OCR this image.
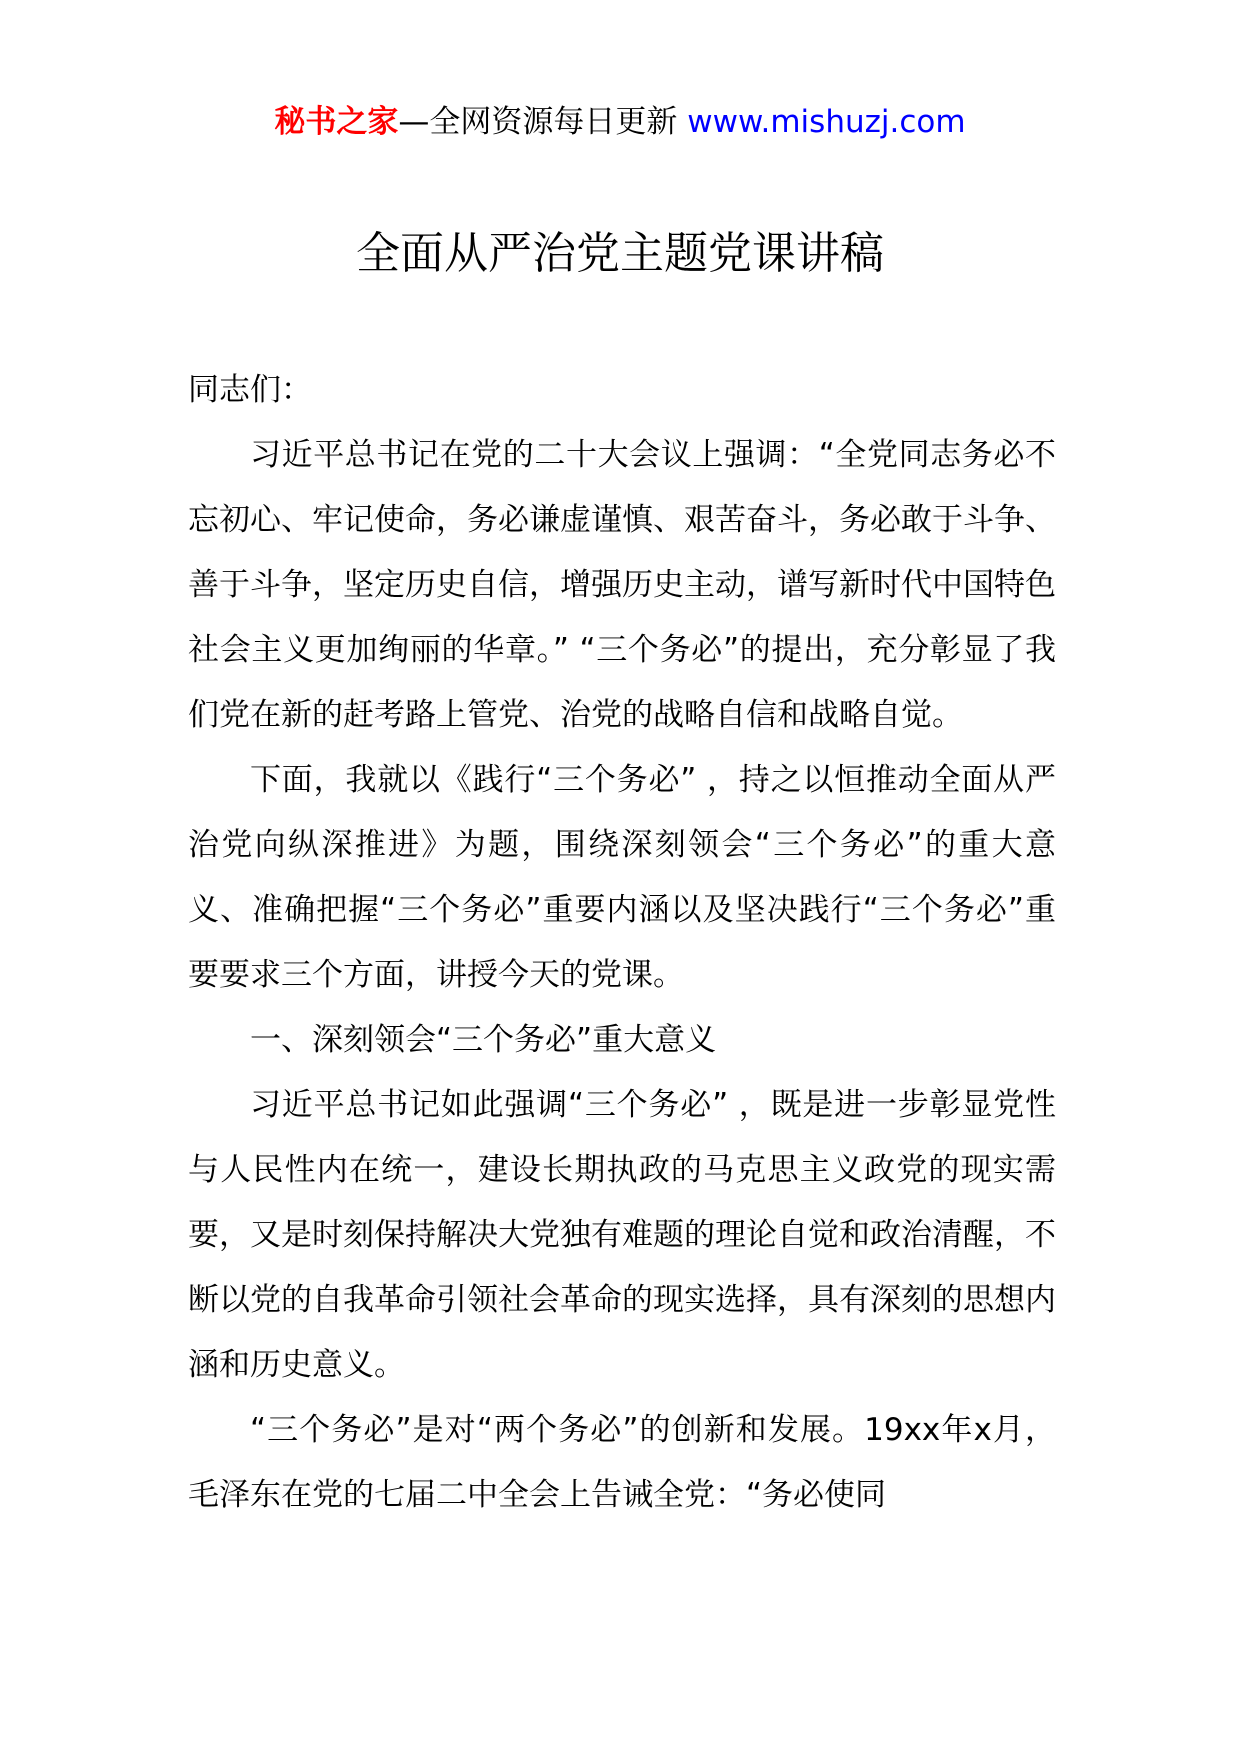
秘书之家—全网资源每日更新 www.mishuzj.com
全面从严治党主题党课讲稿

同志们：

习近平总书记在党的二十大会议上强调：“全党同志务必不忘初心、牢记使命，务必谦虚谨慎、艰苦奋斗，务必敢于斗争、善于斗争，坚定历史自信，增强历史主动，谱写新时代中国特色社会主义更加绚丽的华章。” “三个务必”的提出，充分彰显了我们党在新的赶考路上管党、治党的战略自信和战略自觉。

下面，我就以《践行“三个务必” ，持之以恒推动全面从严治党向纵深推进》为题，围绕深刻领会“三个务必”的重大意义、准确把握“三个务必”重要内涵以及坚决践行“三个务必”重要要求三个方面，讲授今天的党课。

一、深刻领会“三个务必”重大意义

习近平总书记如此强调“三个务必” ，既是进一步彰显党性与人民性内在统一，建设长期执政的马克思主义政党的现实需要，又是时刻保持解决大党独有难题的理论自觉和政治清醒，不断以党的自我革命引领社会革命的现实选择，具有深刻的思想内涵和历史意义。

“三个务必”是对“两个务必”的创新和发展。19xx年x月，毛泽东在党的七届二中全会上告诫全党：“务必使同
